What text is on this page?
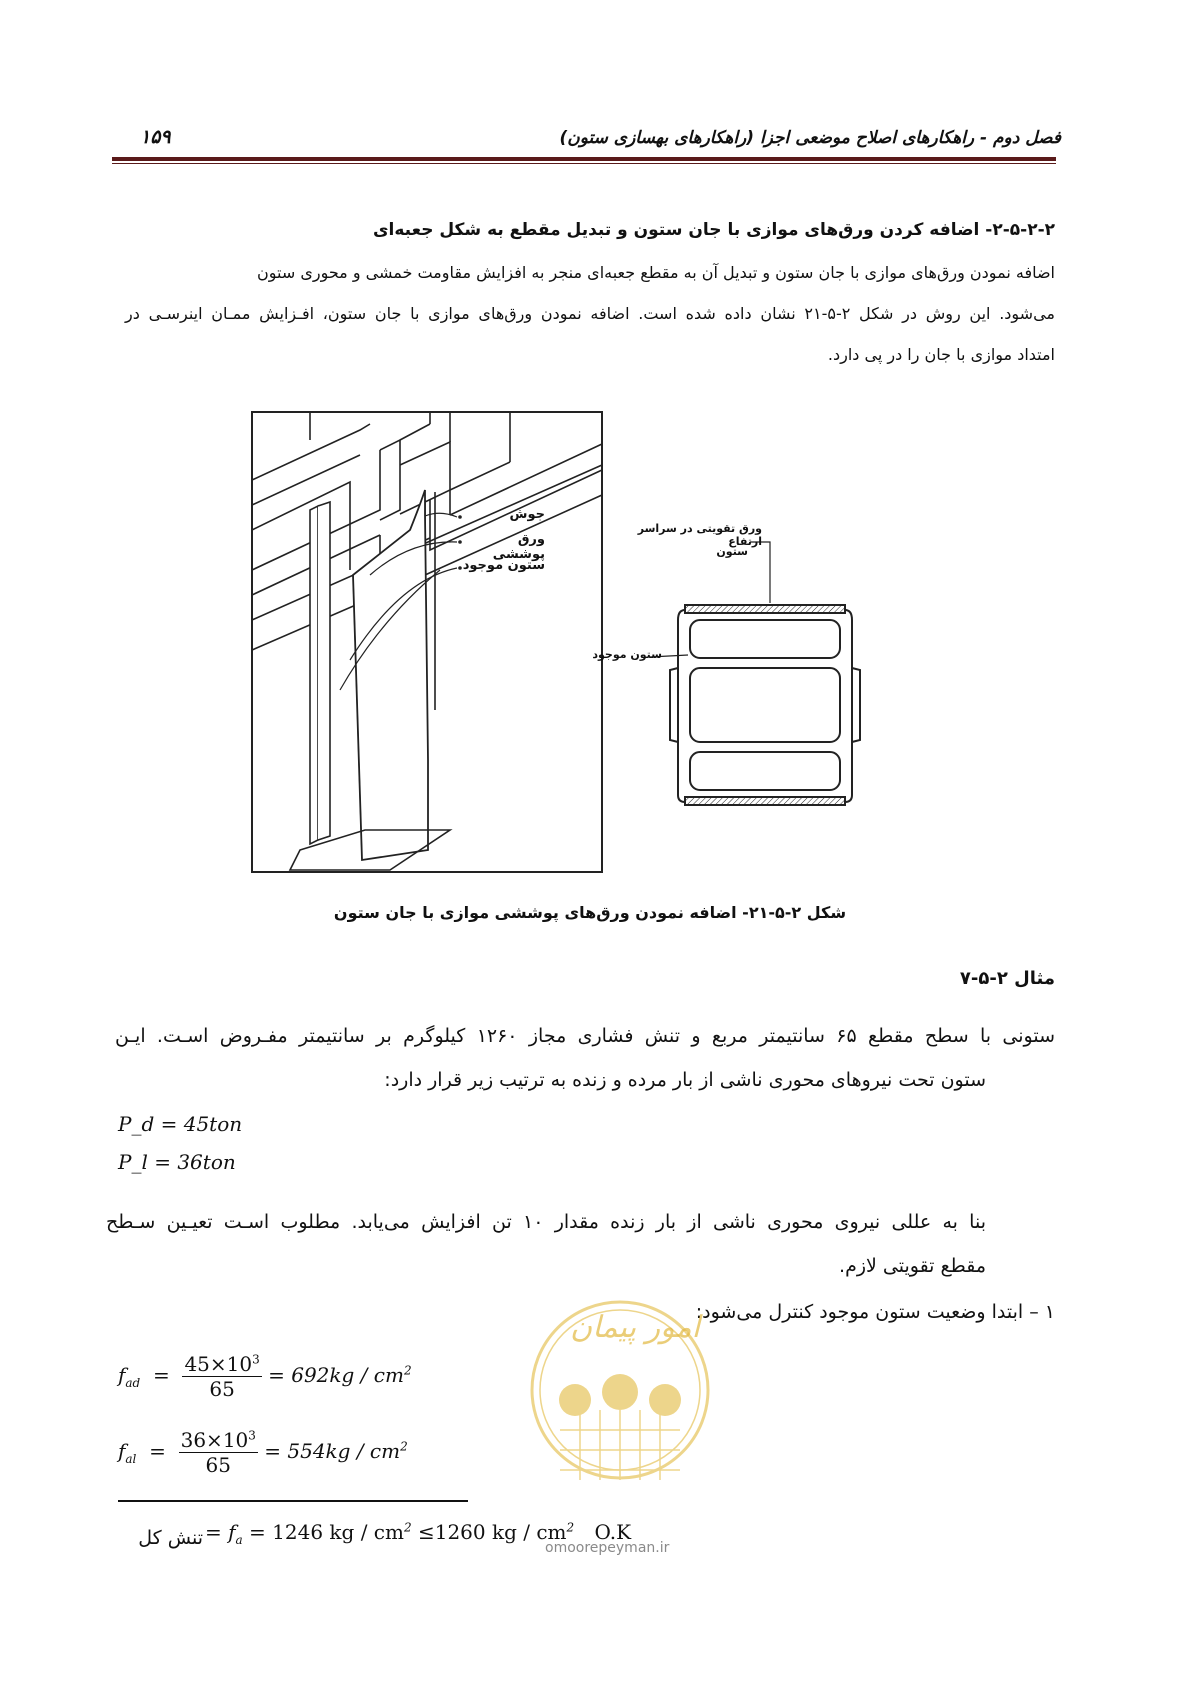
فصل دوم - راهکارهای اصلاح موضعی اجزا (راهکارهای بهسازی ستون)
۱۵۹
۲-۵-۲-۲- اضافه کردن ورق‌های موازی با جان ستون و تبدیل مقطع به شکل جعبه‌ای
اضافه نمودن ورق‌های موازی با جان ستون و تبدیل آن به مقطع جعبه‌ای منجر به افزایش مقاومت خمشی و محوری ستون
می‌شود. این روش در شکل ۲-۵-۲۱ نشان داده شده است. اضافه نمودن ورق‌های موازی با جان ستون، افـزایش ممـان اینرسـی در
امتداد موازی با جان را در پی دارد.
جوش
ورق پوششی
ستون موجود
ورق تقویتی در سراسر ارتفاع
ستون
ستون موجود
شکل ۲-۵-۲۱- اضافه نمودن ورق‌های پوششی موازی با جان ستون
مثال ۲-۵-۷
ستونی با سطح مقطع ۶۵ سانتیمتر مربع و تنش فشاری مجاز ۱۲۶۰ کیلوگرم بر سانتیمتر مفـروض اسـت. ایـن
ستون تحت نیروهای محوری ناشی از بار مرده و زنده به ترتیب زیر قرار دارد:
P_d = 45ton
P_l = 36ton
بنا به عللی نیروی محوری ناشی از بار زنده مقدار ۱۰ تن افزایش می‌یابد. مطلوب اسـت تعیـین سـطح
مقطع تقویتی لازم.
۱ – ابتدا وضعیت ستون موجود کنترل می‌شود:
$f_{ad} = \frac{45\times 10^3}{65} = 692kg / cm^2$
$f_{al} = \frac{36\times 10^3}{65} = 554kg / cm^2$
تنش کل = $f_a = 1246$ kg / $cm^2 \le 1260$ kg / $cm^2$ O.K
امور پیمان
omoorepeyman.ir
